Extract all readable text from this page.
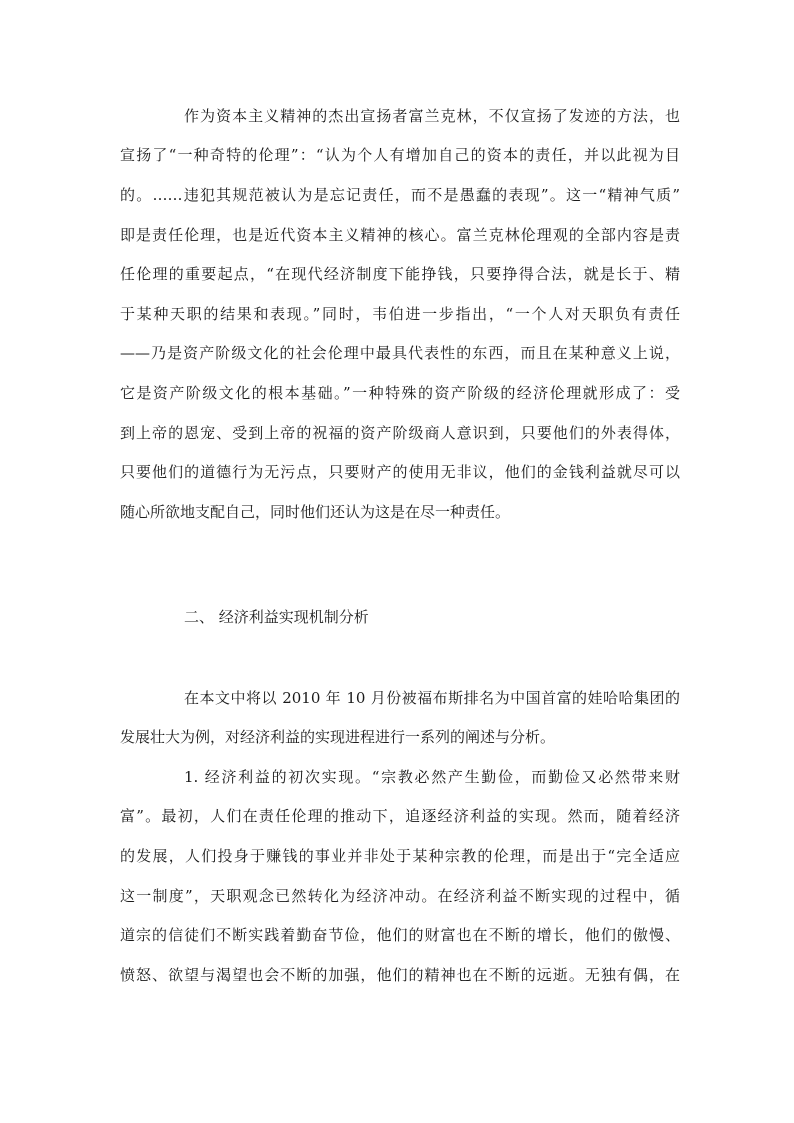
作为资本主义精神的杰出宣扬者富兰克林，不仅宣扬了发迹的方法，也

宣扬了“一种奇特的伦理”：“认为个人有增加自己的资本的责任，并以此视为目

的。……违犯其规范被认为是忘记责任，而不是愚蠢的表现”。这一“精神气质”

即是责任伦理，也是近代资本主义精神的核心。富兰克林伦理观的全部内容是责

任伦理的重要起点，“在现代经济制度下能挣钱，只要挣得合法，就是长于、精

于某种天职的结果和表现。”同时，韦伯进一步指出，“一个人对天职负有责任

——乃是资产阶级文化的社会伦理中最具代表性的东西，而且在某种意义上说，

它是资产阶级文化的根本基础。”一种特殊的资产阶级的经济伦理就形成了：受

到上帝的恩宠、受到上帝的祝福的资产阶级商人意识到，只要他们的外表得体，

只要他们的道德行为无污点，只要财产的使用无非议，他们的金钱利益就尽可以

随心所欲地支配自己，同时他们还认为这是在尽一种责任。

二、 经济利益实现机制分析

在本文中将以 2010 年 10 月份被福布斯排名为中国首富的娃哈哈集团的

发展壮大为例，对经济利益的实现进程进行一系列的阐述与分析。

1. 经济利益的初次实现。“宗教必然产生勤俭，而勤俭又必然带来财

富”。最初，人们在责任伦理的推动下，追逐经济利益的实现。然而，随着经济

的发展，人们投身于赚钱的事业并非处于某种宗教的伦理，而是出于“完全适应

这一制度”，天职观念已然转化为经济冲动。在经济利益不断实现的过程中，循

道宗的信徒们不断实践着勤奋节俭，他们的财富也在不断的增长，他们的傲慢、

愤怒、欲望与渴望也会不断的加强，他们的精神也在不断的远逝。无独有偶，在
